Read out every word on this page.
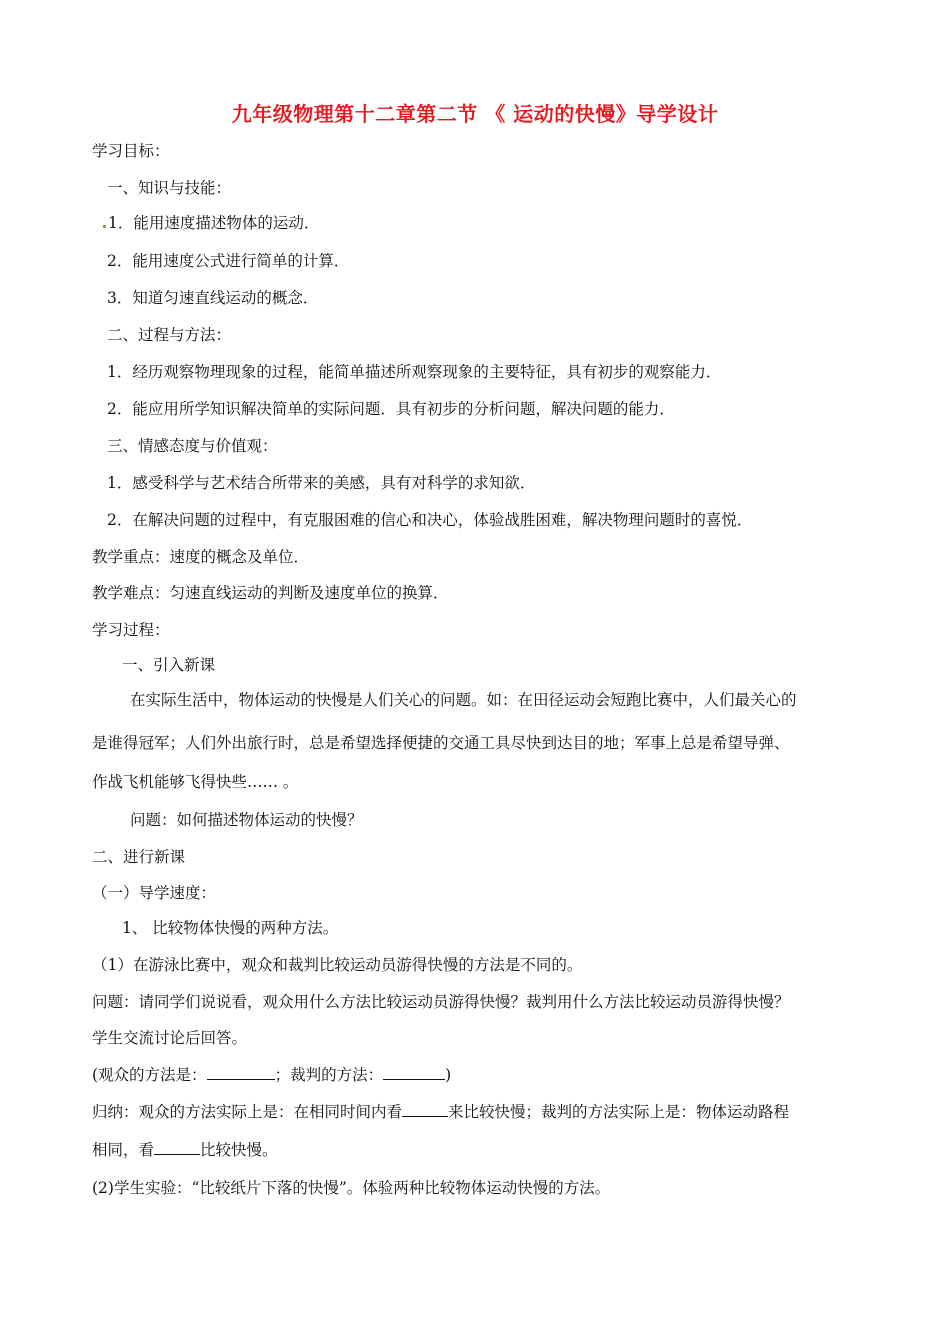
九年级物理第十二章第二节 《 运动的快慢》导学设计
学习目标：
一、知识与技能：
1．能用速度描述物体的运动．
2．能用速度公式进行简单的计算．
3．知道匀速直线运动的概念．
二、过程与方法：
1．经历观察物理现象的过程，能简单描述所观察现象的主要特征，具有初步的观察能力．
2．能应用所学知识解决简单的实际问题．具有初步的分析问题，解决问题的能力．
三、情感态度与价值观：
1．感受科学与艺术结合所带来的美感，具有对科学的求知欲．
2．在解决问题的过程中，有克服困难的信心和决心，体验战胜困难，解决物理问题时的喜悦．
教学重点：速度的概念及单位．
教学难点：匀速直线运动的判断及速度单位的换算．
学习过程：
一、引入新课
在实际生活中，物体运动的快慢是人们关心的问题。如：在田径运动会短跑比赛中，人们最关心的
是谁得冠军；人们外出旅行时，总是希望选择便捷的交通工具尽快到达目的地；军事上总是希望导弹、
作战飞机能够飞得快些…… 。
问题：如何描述物体运动的快慢？
二、进行新课
（一）导学速度：
1、 比较物体快慢的两种方法。
（1）在游泳比赛中，观众和裁判比较运动员游得快慢的方法是不同的。
问题：请同学们说说看，观众用什么方法比较运动员游得快慢？裁判用什么方法比较运动员游得快慢？
学生交流讨论后回答。
(观众的方法是：	；裁判的方法：	)
归纳：观众的方法实际上是：在相同时间内看	来比较快慢；裁判的方法实际上是：物体运动路程
相同，看	比较快慢。
(2)学生实验：“比较纸片下落的快慢”。体验两种比较物体运动快慢的方法。
